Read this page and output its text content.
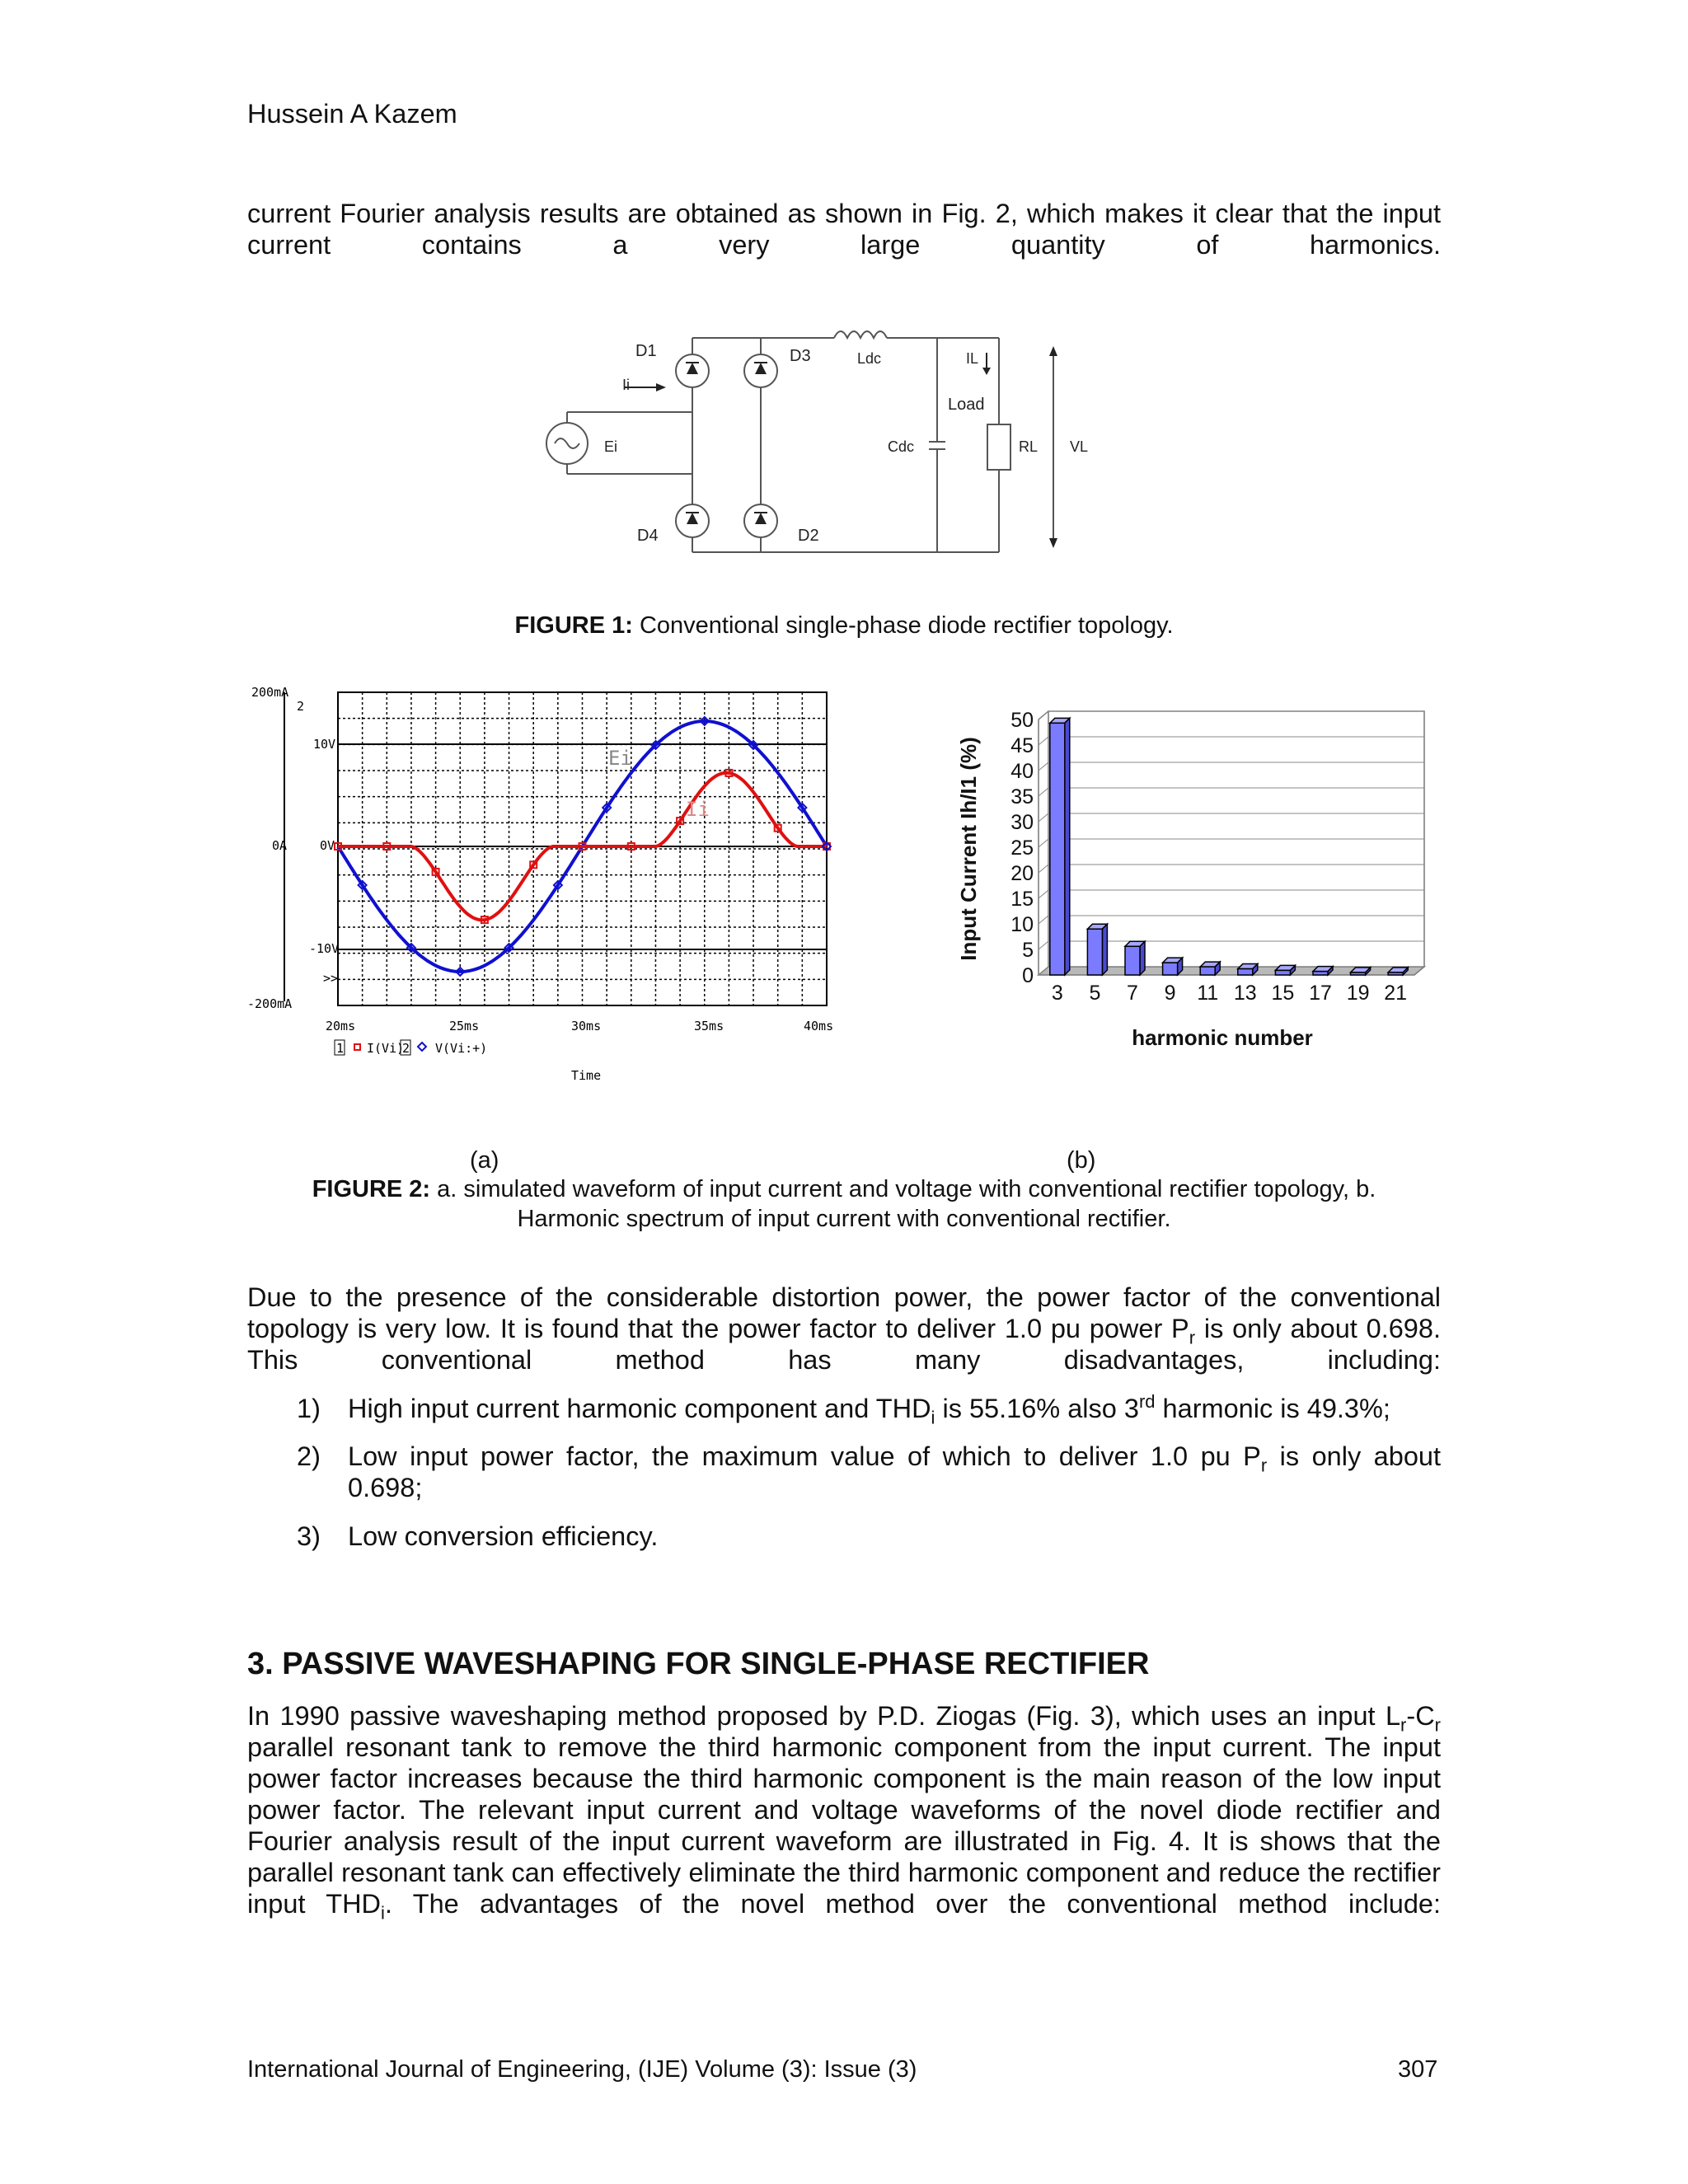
Hussein A Kazem
current Fourier analysis results are obtained as shown in Fig. 2, which makes it clear that the input current contains a very large quantity of harmonics.
D1	D3
D4	D2
Ii
Ei
Ldc	IL
Load
Cdc	RL VL
FIGURE 1: Conventional single-phase diode rectifier topology.
200mA
0A
-200mA
2
10V
0V
-10V
>>
20ms	25ms	30ms	35ms	40ms
1 I(Vi)
2 V(Vi:+)
Time
Ei
Ii
50
45
40
35
30
25
20
15
10
5
0
3 5 7 9 11 13 15 17 19 21
harmonic number
Input Current Ih/I1 (%)
(a)	(b)
FIGURE 2: a. simulated waveform of input current and voltage with conventional rectifier topology, b.
Harmonic spectrum of input current with conventional rectifier.
Due to the presence of the considerable distortion power, the power factor of the conventional topology is very low. It is found that the power factor to deliver 1.0 pu power $P_r$ is only about 0.698. This conventional method has many disadvantages, including:
1) High input current harmonic component and $THD_i$ is 55.16% also 3rd harmonic is 49.3%;
2) Low input power factor, the maximum value of which to deliver 1.0 pu $P_r$ is only about
0.698;
3) Low conversion efficiency.
3. PASSIVE WAVESHAPING FOR SINGLE-PHASE RECTIFIER
In 1990 passive waveshaping method proposed by P.D. Ziogas (Fig. 3), which uses an input $L_r-C_r$ parallel resonant tank to remove the third harmonic component from the input current. The input power factor increases because the third harmonic component is the main reason of the low input power factor. The relevant input current and voltage waveforms of the novel diode rectifier and Fourier analysis result of the input current waveform are illustrated in Fig. 4. It is shows that the parallel resonant tank can effectively eliminate the third harmonic component and reduce the rectifier input $THD_i$. The advantages of the novel method over the conventional method include:
International Journal of Engineering, (IJE) Volume (3): Issue (3)	307
